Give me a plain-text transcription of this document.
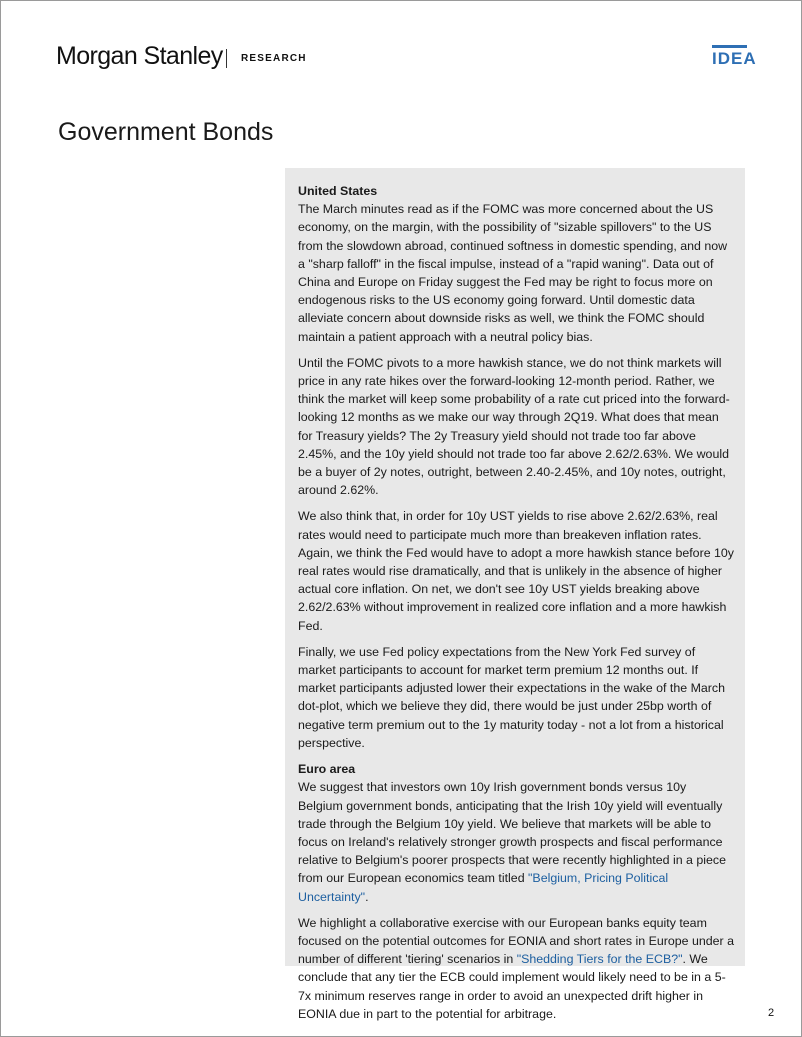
Morgan Stanley RESEARCH	IDEA
Government Bonds
United States

The March minutes read as if the FOMC was more concerned about the US economy, on the margin, with the possibility of "sizable spillovers" to the US from the slowdown abroad, continued softness in domestic spending, and now a "sharp falloff" in the fiscal impulse, instead of a "rapid waning". Data out of China and Europe on Friday suggest the Fed may be right to focus more on endogenous risks to the US economy going forward. Until domestic data alleviate concern about downside risks as well, we think the FOMC should maintain a patient approach with a neutral policy bias.

Until the FOMC pivots to a more hawkish stance, we do not think markets will price in any rate hikes over the forward-looking 12-month period. Rather, we think the market will keep some probability of a rate cut priced into the forward-looking 12 months as we make our way through 2Q19. What does that mean for Treasury yields? The 2y Treasury yield should not trade too far above 2.45%, and the 10y yield should not trade too far above 2.62/2.63%. We would be a buyer of 2y notes, outright, between 2.40-2.45%, and 10y notes, outright, around 2.62%.

We also think that, in order for 10y UST yields to rise above 2.62/2.63%, real rates would need to participate much more than breakeven inflation rates. Again, we think the Fed would have to adopt a more hawkish stance before 10y real rates would rise dramatically, and that is unlikely in the absence of higher actual core inflation. On net, we don't see 10y UST yields breaking above 2.62/2.63% without improvement in realized core inflation and a more hawkish Fed.

Finally, we use Fed policy expectations from the New York Fed survey of market participants to account for market term premium 12 months out. If market participants adjusted lower their expectations in the wake of the March dot-plot, which we believe they did, there would be just under 25bp worth of negative term premium out to the 1y maturity today - not a lot from a historical perspective.

Euro area

We suggest that investors own 10y Irish government bonds versus 10y Belgium government bonds, anticipating that the Irish 10y yield will eventually trade through the Belgium 10y yield. We believe that markets will be able to focus on Ireland's relatively stronger growth prospects and fiscal performance relative to Belgium's poorer prospects that were recently highlighted in a piece from our European economics team titled "Belgium, Pricing Political Uncertainty".

We highlight a collaborative exercise with our European banks equity team focused on the potential outcomes for EONIA and short rates in Europe under a number of different 'tiering' scenarios in "Shedding Tiers for the ECB?". We conclude that any tier the ECB could implement would likely need to be in a 5-7x minimum reserves range in order to avoid an unexpected drift higher in EONIA due in part to the potential for arbitrage.	2
